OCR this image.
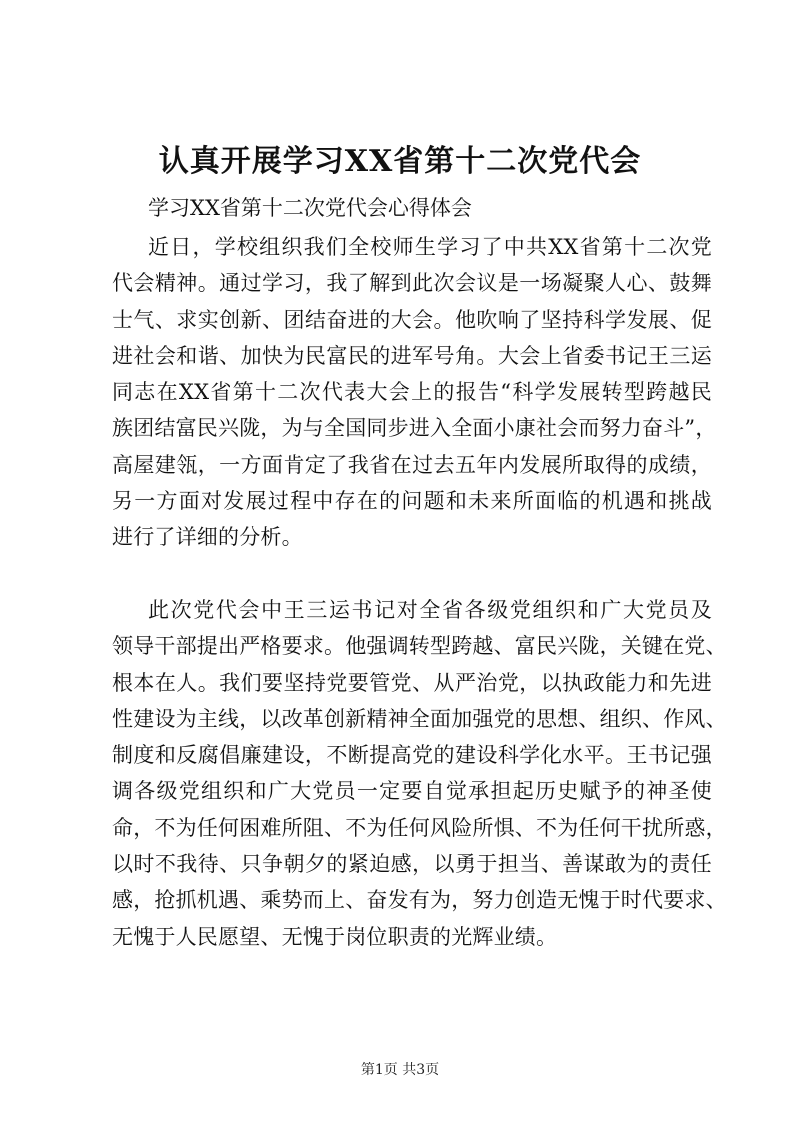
认真开展学习XX省第十二次党代会

学习XX省第十二次党代会心得体会

近日，学校组织我们全校师生学习了中共XX省第十二次党
代会精神。通过学习，我了解到此次会议是一场凝聚人心、鼓舞
士气、求实创新、团结奋进的大会。他吹响了坚持科学发展、促
进社会和谐、加快为民富民的进军号角。大会上省委书记王三运
同志在XX省第十二次代表大会上的报告“科学发展转型跨越民
族团结富民兴陇，为与全国同步进入全面小康社会而努力奋斗”，
高屋建瓴，一方面肯定了我省在过去五年内发展所取得的成绩，
另一方面对发展过程中存在的问题和未来所面临的机遇和挑战
进行了详细的分析。
此次党代会中王三运书记对全省各级党组织和广大党员及
领导干部提出严格要求。他强调转型跨越、富民兴陇，关键在党、
根本在人。我们要坚持党要管党、从严治党，以执政能力和先进
性建设为主线，以改革创新精神全面加强党的思想、组织、作风、
制度和反腐倡廉建设，不断提高党的建设科学化水平。王书记强
调各级党组织和广大党员一定要自觉承担起历史赋予的神圣使
命，不为任何困难所阻、不为任何风险所惧、不为任何干扰所惑，
以时不我待、只争朝夕的紧迫感，以勇于担当、善谋敢为的责任
感，抢抓机遇、乘势而上、奋发有为，努力创造无愧于时代要求、
无愧于人民愿望、无愧于岗位职责的光辉业绩。
第1页 共3页
